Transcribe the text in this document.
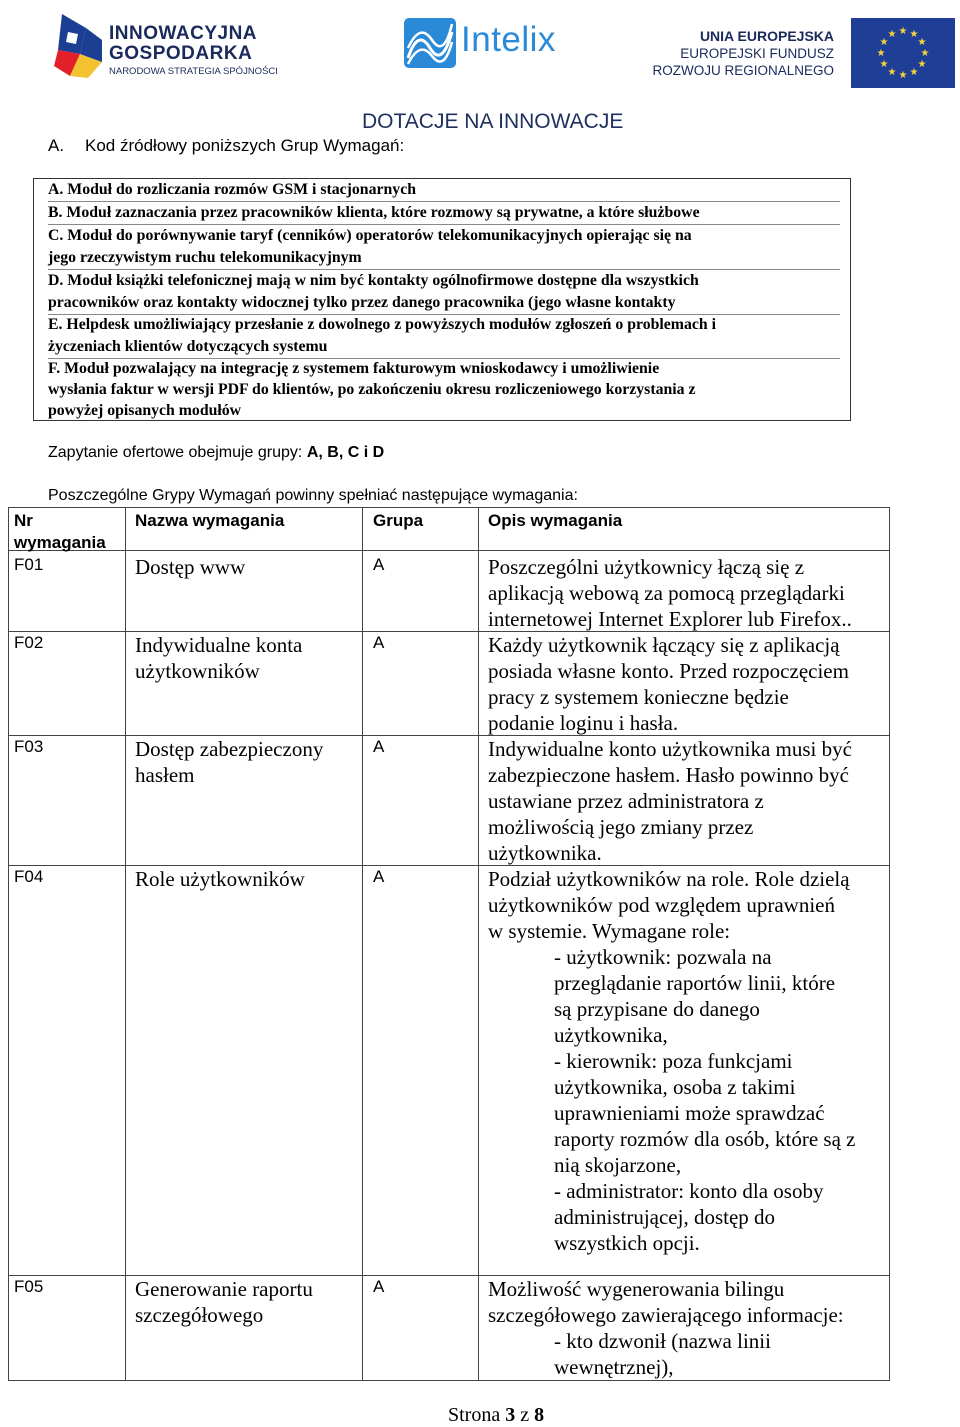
INNOWACYJNA
GOSPODARKA
NARODOWA STRATEGIA SPÓJNOŚCI
Intelix	UNIA EUROPEJSKA
EUROPEJSKI FUNDUSZ
ROZWOJU REGIONALNEGO
★ ★
★
★
★
★
★
★
★
★
★
★
DOTACJE NA INNOWACJE
A. Kod źródłowy poniższych Grup Wymagań:
A. Moduł do rozliczania rozmów GSM i stacjonarnych
B. Moduł zaznaczania przez pracowników klienta, które rozmowy są prywatne, a które służbowe
C. Moduł do porównywanie taryf (cenników) operatorów telekomunikacyjnych opierając się na
jego rzeczywistym ruchu telekomunikacyjnym
D. Moduł książki telefonicznej mają w nim być kontakty ogólnofirmowe dostępne dla wszystkich
pracowników oraz kontakty widocznej tylko przez danego pracownika (jego własne kontakty
E. Helpdesk umożliwiający przesłanie z dowolnego z powyższych modułów zgłoszeń o problemach i
życzeniach klientów dotyczących systemu
F. Moduł pozwalający na integrację z systemem fakturowym wnioskodawcy i umożliwienie
wysłania faktur w wersji PDF do klientów, po zakończeniu okresu rozliczeniowego korzystania z
powyżej opisanych modułów
Zapytanie ofertowe obejmuje grupy: A, B, C i D
Poszczególne Grypy Wymagań powinny spełniać następujące wymagania:
Nr
wymagania
Nazwa wymagania	Grupa	Opis wymagania
F01	Dostęp www	A	Poszczególni użytkownicy łączą się z
aplikacją webową za pomocą przeglądarki
internetowej Internet Explorer lub Firefox..
F02	Indywidualne konta
użytkowników
A	Każdy użytkownik łączący się z aplikacją
posiada własne konto. Przed rozpoczęciem
pracy z systemem konieczne będzie
podanie loginu i hasła.
F03	Dostęp zabezpieczony
hasłem
A	Indywidualne konto użytkownika musi być
zabezpieczone hasłem. Hasło powinno być
ustawiane przez administratora z
możliwością jego zmiany przez
użytkownika.
F04	Role użytkowników	A	Podział użytkowników na role. Role dzielą
użytkowników pod względem uprawnień
w systemie. Wymagane role:
- użytkownik: pozwala na
przeglądanie raportów linii, które
są przypisane do danego
użytkownika,
- kierownik: poza funkcjami
użytkownika, osoba z takimi
uprawnieniami może sprawdzać
raporty rozmów dla osób, które są z
nią skojarzone,
- administrator: konto dla osoby
administrującej, dostęp do
wszystkich opcji.
F05	Generowanie raportu
szczegółowego
A	Możliwość wygenerowania bilingu
szczegółowego zawierającego informacje:
- kto dzwonił (nazwa linii
wewnętrznej),
Strona 3 z 8
